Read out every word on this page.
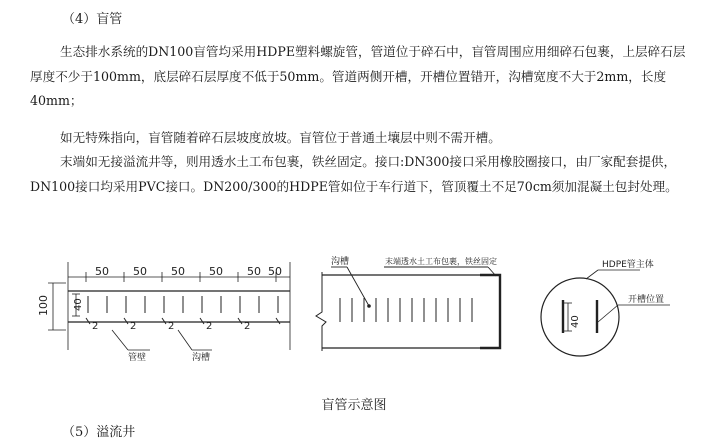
（4）盲管

生态排水系统的DN100盲管均采用HDPE塑料螺旋管，管道位于碎石中，盲管周围应用细碎石包裹，上层碎石层厚度不少于100mm，底层碎石层厚度不低于50mm。管道两侧开槽，开槽位置错开，沟槽宽度不大于2mm，长度40mm；

如无特殊指向，盲管随着碎石层坡度放坡。盲管位于普通土壤层中则不需开槽。

末端如无接溢流井等，则用透水土工布包裹，铁丝固定。接口:DN300接口采用橡胶圈接口，由厂家配套提供，DN100接口均采用PVC接口。DN200/300的HDPE管如位于车行道下，管顶覆土不足70cm须加混凝土包封处理。

50 50 50 50 50 50
100 40
2	2	2	2	2
管壁	沟槽
沟槽	末端透水土工布包裹，铁丝固定	HDPE管主体
开槽位置
40
盲管示意图
（5）溢流井
